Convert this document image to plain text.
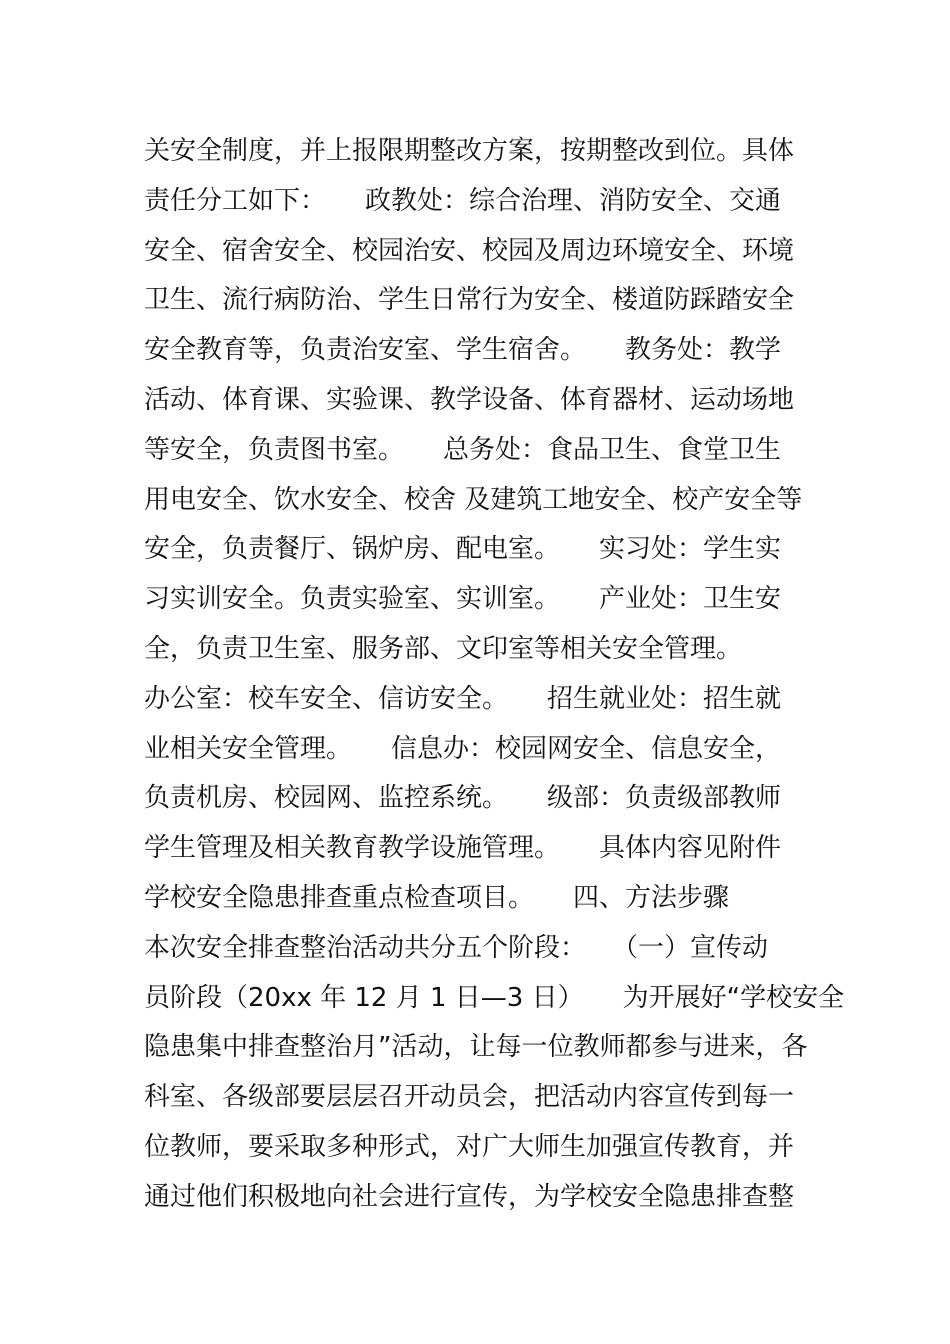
关安全制度，并上报限期整改方案，按期整改到位。具体
责任分工如下：　　政教处：综合治理、消防安全、交通
安全、宿舍安全、校园治安、校园及周边环境安全、环境
卫生、流行病防治、学生日常行为安全、楼道防踩踏安全
安全教育等，负责治安室、学生宿舍。　　教务处：教学
活动、体育课、实验课、教学设备、体育器材、运动场地
等安全，负责图书室。　　总务处：食品卫生、食堂卫生
用电安全、饮水安全、校舍 及建筑工地安全、校产安全等
安全，负责餐厅、锅炉房、配电室。　　实习处：学生实
习实训安全。负责实验室、实训室。　　产业处：卫生安
全，负责卫生室、服务部、文印室等相关安全管理。
办公室：校车安全、信访安全。　　招生就业处：招生就
业相关安全管理。　　信息办：校园网安全、信息安全，
负责机房、校园网、监控系统。　　级部：负责级部教师
学生管理及相关教育教学设施管理。　　具体内容见附件
学校安全隐患排查重点检查项目。　　四、方法步骤
本次安全排查整治活动共分五个阶段：　　（一）宣传动
员阶段（20xx 年 12 月 1 日—3 日）　　为开展好“学校安全
隐患集中排查整治月”活动，让每一位教师都参与进来，各
科室、各级部要层层召开动员会，把活动内容宣传到每一
位教师，要采取多种形式，对广大师生加强宣传教育，并
通过他们积极地向社会进行宣传，为学校安全隐患排查整
